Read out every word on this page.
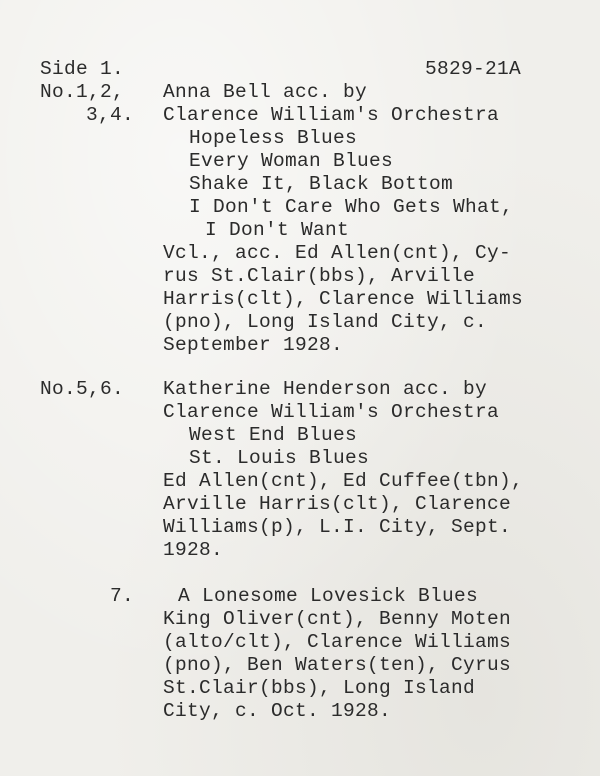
Side 1.	5829-21A
No.1,2,
3,4.
Anna Bell acc. by
Clarence William's Orchestra
Hopeless Blues
Every Woman Blues
Shake It, Black Bottom
I Don't Care Who Gets What,
I Don't Want
Vcl., acc. Ed Allen(cnt), Cy-
rus St.Clair(bbs), Arville
Harris(clt), Clarence Williams
(pno), Long Island City, c.
September 1928.
No.5,6. Katherine Henderson acc. by
Clarence William's Orchestra
West End Blues
St. Louis Blues
Ed Allen(cnt), Ed Cuffee(tbn),
Arville Harris(clt), Clarence
Williams(p), L.I. City, Sept.
1928.
7. A Lonesome Lovesick Blues
King Oliver(cnt), Benny Moten
(alto/clt), Clarence Williams
(pno), Ben Waters(ten), Cyrus
St.Clair(bbs), Long Island
City, c. Oct. 1928.
